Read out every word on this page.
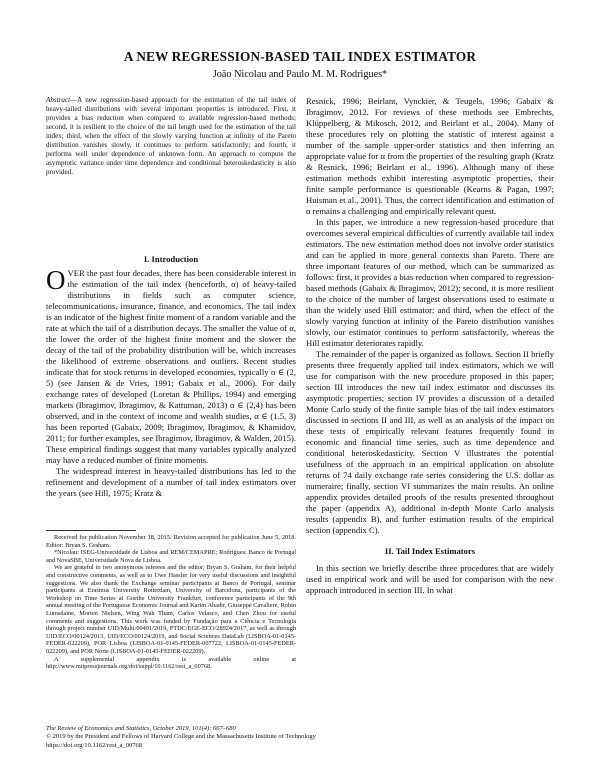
A NEW REGRESSION-BASED TAIL INDEX ESTIMATOR
João Nicolau and Paulo M. M. Rodrigues*
Abstract—A new regression-based approach for the estimation of the tail index of heavy-tailed distributions with several important properties is introduced. First, it provides a bias reduction when compared to available regression-based methods; second, it is resilient to the choice of the tail length used for the estimation of the tail index; third, when the effect of the slowly varying function at infinity of the Pareto distribution vanishes slowly, it continues to perform satisfactorily; and fourth, it performs well under dependence of unknown form. An approach to compute the asymptotic variance under time dependence and conditional heteroskedasticity is also provided.
I. Introduction

OVER the past four decades, there has been considerable interest in the estimation of the tail index (henceforth, α) of heavy-tailed distributions in fields such as computer science, telecommunications, insurance, finance, and economics. The tail index is an indicator of the highest finite moment of a random variable and the rate at which the tail of a distribution decays. The smaller the value of α, the lower the order of the highest finite moment and the slower the decay of the tail of the probability distribution will be, which increases the likelihood of extreme observations and outliers. Recent studies indicate that for stock returns in developed economies, typically α ∈ (2, 5) (see Jansen & de Vries, 1991; Gabaix et al., 2006). For daily exchange rates of developed (Loretan & Phillips, 1994) and emerging markets (Ibragimov, Ibragimov, & Kattuman, 2013) α ∈ (2,4) has been observed, and in the context of income and wealth studies, α ∈ (1.5, 3) has been reported (Gabaix, 2009; Ibragimov, Ibragimov, & Khamidov, 2011; for further examples, see Ibragimov, Ibragimov, & Walden, 2015). These empirical findings suggest that many variables typically analyzed may have a reduced number of finite moments.

The widespread interest in heavy-tailed distributions has led to the refinement and development of a number of tail index estimators over the years (see Hill, 1975; Kratz &

Received for publication November 18, 2015. Revision accepted for publication June 5, 2018. Editor: Bryan S. Graham.

*Nicolau: ISEG-Universidade de Lisboa and REM/CEMAPRE; Rodrigues: Banco de Portugal and NovaSBE, Universidade Nova de Lisboa.

We are grateful to two anonymous referees and the editor, Bryan S. Graham, for their helpful and constructive comments, as well as to Uwe Hassler for very useful discussions and insightful suggestions. We also thank the Exchange seminar participants at Banco de Portugal, seminar participants at Erasmus University Rotterdam, University of Barcelona, participants of the Workshop on Time Series at Goethe University Frankfurt, conference participants of the 9th annual meeting of the Portuguese Economic Journal and Karim Abadir, Giuseppe Cavaliere, Robin Lumsdaine, Morten Nielsen, Wing Wah Tham, Carlos Velasco, and Chen Zhou for useful comments and suggestions. This work was funded by Fundação para a Ciência e Tecnologia through project number UID/Multi/00491/2019, PTDC/EGE-ECO/28924/2017, as well as through UID/ECO/00124/2013, UID/ECO/00124/2019, and Social Sciences DataLab (LISBOA-01-0145-FEDER-022209), POR Lisboa (LISBOA-01-0145-FEDER-007722, LISBOA-01-0145-FEDER-022209), and POR Norte (LISBOA-01-0145-FEDER-022209).

A supplemental appendix is available online at http://www.mitpressjournals.org/doi/suppl/10.1162/rest_a_00768.

The Review of Economics and Statistics, October 2019, 101(4): 667–680
© 2019 by the President and Fellows of Harvard College and the Massachusetts Institute of Technology
https://doi.org/10.1162/rest_a_00768

Resnick, 1996; Beirlant, Vynckier, & Teugels, 1996; Gabaix & Ibragimov, 2012. For reviews of these methods see Embrechts, Klüppelberg, & Mikosch, 2012, and Beirlant et al., 2004). Many of these procedures rely on plotting the statistic of interest against a number of the sample upper-order statistics and then inferring an appropriate value for α from the properties of the resulting graph (Kratz & Resnick, 1996; Beirlant et al., 1996). Although many of these estimation methods exhibit interesting asymptotic properties, their finite sample performance is questionable (Kearns & Pagan, 1997; Huisman et al., 2001). Thus, the correct identification and estimation of α remains a challenging and empirically relevant quest.

In this paper, we introduce a new regression-based procedure that overcomes several empirical difficulties of currently available tail index estimators. The new estimation method does not involve order statistics and can be applied in more general contexts than Pareto. There are three important features of our method, which can be summarized as follows: first, it provides a bias reduction when compared to regression-based methods (Gabaix & Ibragimov, 2012); second, it is more resilient to the choice of the number of largest observations used to estimate α than the widely used Hill estimator; and third, when the effect of the slowly varying function at infinity of the Pareto distribution vanishes slowly, our estimator continues to perform satisfactorily, whereas the Hill estimator deteriorates rapidly.

The remainder of the paper is organized as follows. Section II briefly presents three frequently applied tail index estimators, which we will use for comparison with the new procedure proposed in this paper; section III introduces the new tail index estimator and discusses its asymptotic properties; section IV provides a discussion of a detailed Monte Carlo study of the finite sample bias of the tail index estimators discussed in sections II and III, as well as an analysis of the impact on these tests of empirically relevant features frequently found in economic and financial time series, such as time dependence and conditional heteroskedasticity. Section V illustrates the potential usefulness of the approach in an empirical application on absolute returns of 74 daily exchange rate series considering the U.S. dollar as numeraire; finally, section VI summarizes the main results. An online appendix provides detailed proofs of the results presented throughout the paper (appendix A), additional in-depth Monte Carlo analysis results (appendix B), and further estimation results of the empirical section (appendix C).

II. Tail Index Estimators

In this section we briefly describe three procedures that are widely used in empirical work and will be used for comparison with the new approach introduced in section III. In what
